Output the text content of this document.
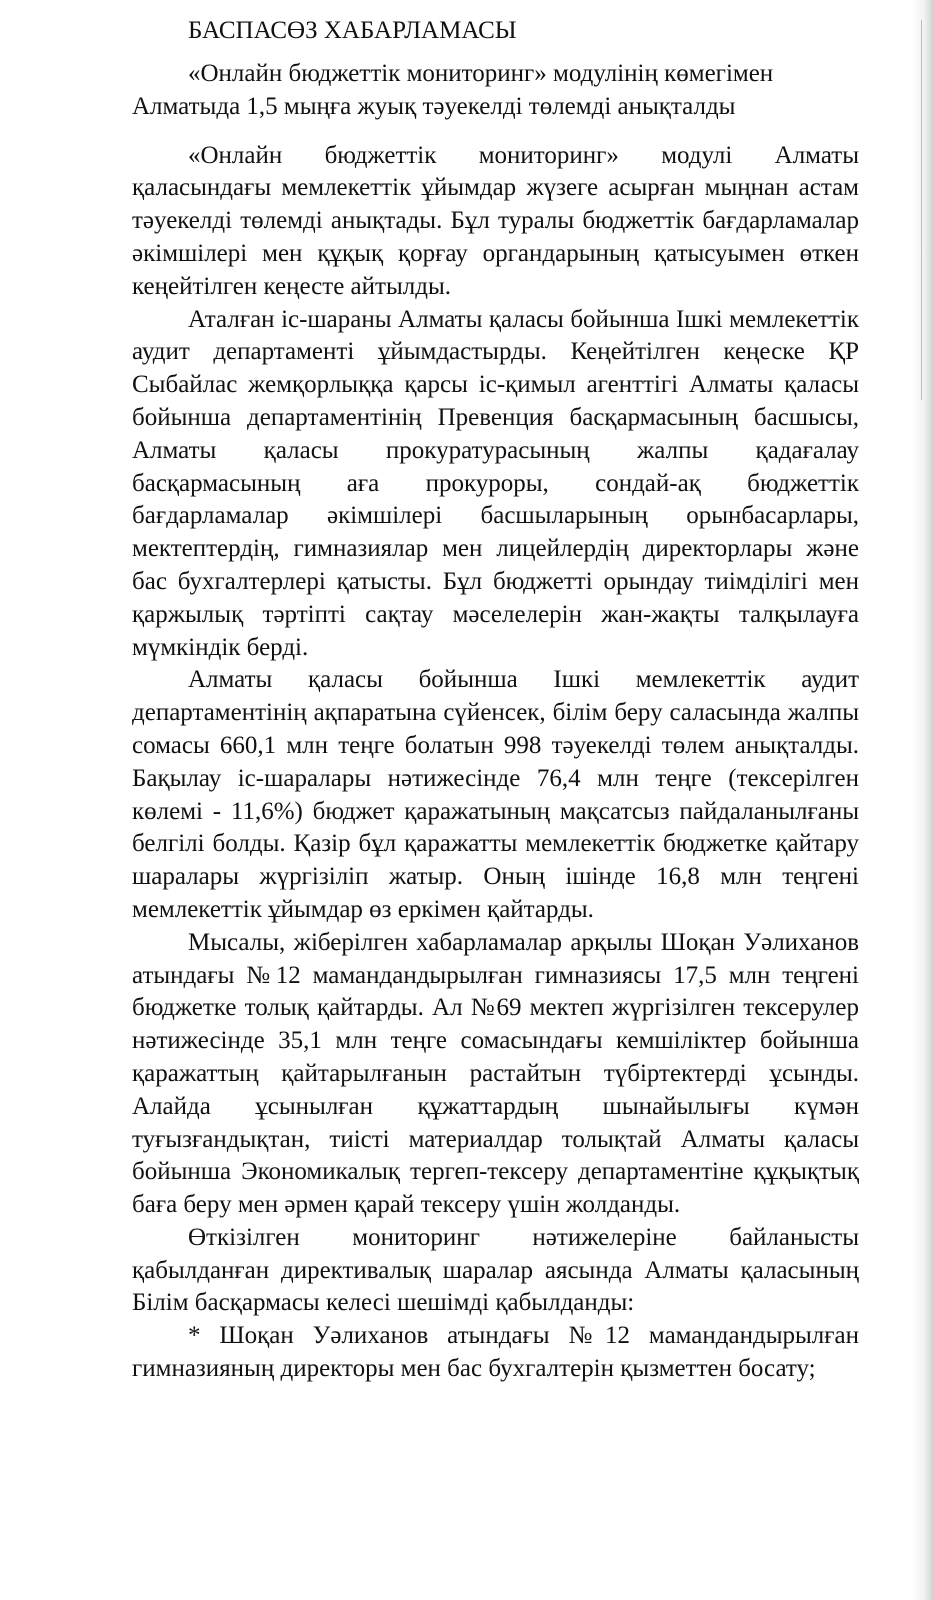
БАСПАСӨЗ ХАБАРЛАМАСЫ
«Онлайн бюджеттік мониторинг» модулінің көмегімен Алматыда 1,5 мыңға жуық тәуекелді төлемді анықталды

«Онлайн бюджеттік мониторинг» модулі Алматы қаласындағы мемлекеттік ұйымдар жүзеге асырған мыңнан астам тәуекелді төлемді анықтады. Бұл туралы бюджеттік бағдарламалар әкімшілері мен құқық қорғау органдарының қатысуымен өткен кеңейтілген кеңесте айтылды.

Аталған іс-шараны Алматы қаласы бойынша Ішкі мемлекеттік аудит департаменті ұйымдастырды. Кеңейтілген кеңеске ҚР Сыбайлас жемқорлыққа қарсы іс-қимыл агенттігі Алматы қаласы бойынша департаментінің Превенция басқармасының басшысы, Алматы қаласы прокуратурасының жалпы қадағалау басқармасының аға прокуроры, сондай-ақ бюджеттік бағдарламалар әкімшілері басшыларының орынбасарлары, мектептердің, гимназиялар мен лицейлердің директорлары және бас бухгалтерлері қатысты. Бұл бюджетті орындау тиімділігі мен қаржылық тәртіпті сақтау мәселелерін жан-жақты талқылауға мүмкіндік берді.

Алматы қаласы бойынша Ішкі мемлекеттік аудит департаментінің ақпаратына сүйенсек, білім беру саласында жалпы сомасы 660,1 млн теңге болатын 998 тәуекелді төлем анықталды. Бақылау іс-шаралары нәтижесінде 76,4 млн теңге (тексерілген көлемі - 11,6%) бюджет қаражатының мақсатсыз пайдаланылғаны белгілі болды. Қазір бұл қаражатты мемлекеттік бюджетке қайтару шаралары жүргізіліп жатыр. Оның ішінде 16,8 млн теңгені мемлекеттік ұйымдар өз еркімен қайтарды.

Мысалы, жіберілген хабарламалар арқылы Шоқан Уәлиханов атындағы №12 мамандандырылған гимназиясы 17,5 млн теңгені бюджетке толық қайтарды. Ал №69 мектеп жүргізілген тексерулер нәтижесінде 35,1 млн теңге сомасындағы кемшіліктер бойынша қаражаттың қайтарылғанын растайтын түбіртектерді ұсынды. Алайда ұсынылған құжаттардың шынайылығы күмән туғызғандықтан, тиісті материалдар толықтай Алматы қаласы бойынша Экономикалық тергеп-тексеру департаментіне құқықтық баға беру мен әрмен қарай тексеру үшін жолданды.

Өткізілген мониторинг нәтижелеріне байланысты қабылданған директивалық шаралар аясында Алматы қаласының Білім басқармасы келесі шешімді қабылданды:

* Шоқан Уәлиханов атындағы №12 мамандандырылған гимназияның директоры мен бас бухгалтерін қызметтен босату;
